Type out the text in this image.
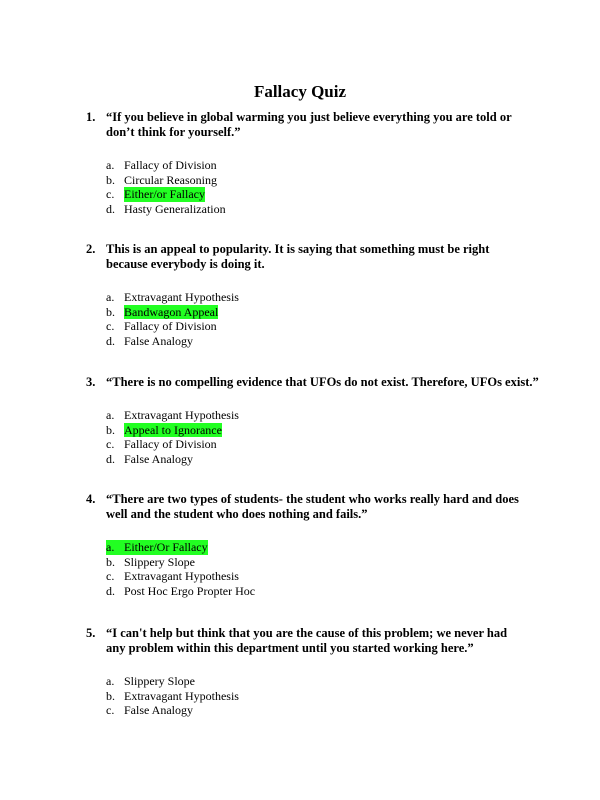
Fallacy Quiz
1. “If you believe in global warming you just believe everything you are told or don’t think for yourself.”
a. Fallacy of Division
b. Circular Reasoning
c. Either/or Fallacy
d. Hasty Generalization
2. This is an appeal to popularity. It is saying that something must be right because everybody is doing it.
a. Extravagant Hypothesis
b. Bandwagon Appeal
c. Fallacy of Division
d. False Analogy
3. “There is no compelling evidence that UFOs do not exist. Therefore, UFOs exist.”
a. Extravagant Hypothesis
b. Appeal to Ignorance
c. Fallacy of Division
d. False Analogy
4. “There are two types of students- the student who works really hard and does well and the student who does nothing and fails.”
a. Either/Or Fallacy
b. Slippery Slope
c. Extravagant Hypothesis
d. Post Hoc Ergo Propter Hoc
5. “I can't help but think that you are the cause of this problem; we never had any problem within this department until you started working here.”
a. Slippery Slope
b. Extravagant Hypothesis
c. False Analogy
